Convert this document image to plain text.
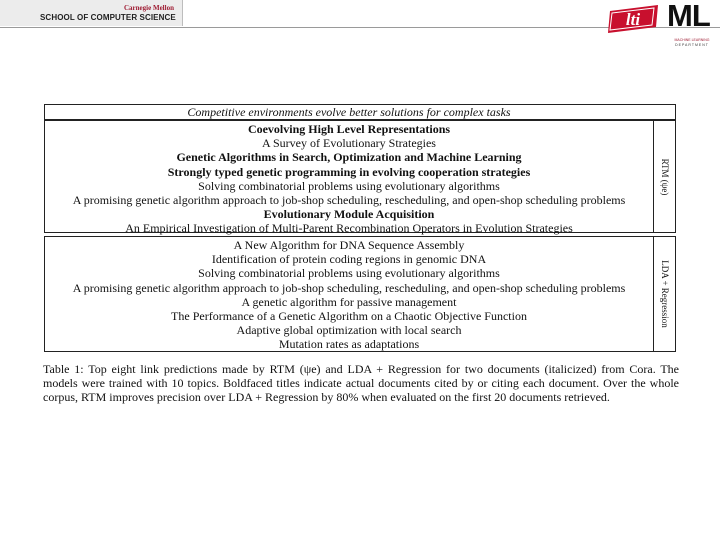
Carnegie Mellon
SCHOOL OF COMPUTER SCIENCE	lti ML
MACHINE LEARNING
DEPARTMENT
Competitive environments evolve better solutions for complex tasks
Coevolving High Level Representations
A Survey of Evolutionary Strategies
Genetic Algorithms in Search, Optimization and Machine Learning
Strongly typed genetic programming in evolving cooperation strategies
Solving combinatorial problems using evolutionary algorithms
A promising genetic algorithm approach to job-shop scheduling, rescheduling, and open-shop scheduling problems
Evolutionary Module Acquisition
An Empirical Investigation of Multi-Parent Recombination Operators in Evolution Strategies
RTM (ψe)
A New Algorithm for DNA Sequence Assembly
Identification of protein coding regions in genomic DNA
Solving combinatorial problems using evolutionary algorithms
A promising genetic algorithm approach to job-shop scheduling, rescheduling, and open-shop scheduling problems
A genetic algorithm for passive management
The Performance of a Genetic Algorithm on a Chaotic Objective Function
Adaptive global optimization with local search
Mutation rates as adaptations
LDA + Regression
Table 1: Top eight link predictions made by RTM (ψe) and LDA + Regression for two documents (italicized) from Cora. The models were trained with 10 topics. Boldfaced titles indicate actual documents cited by or citing each document. Over the whole corpus, RTM improves precision over LDA + Regression by 80% when evaluated on the first 20 documents retrieved.
